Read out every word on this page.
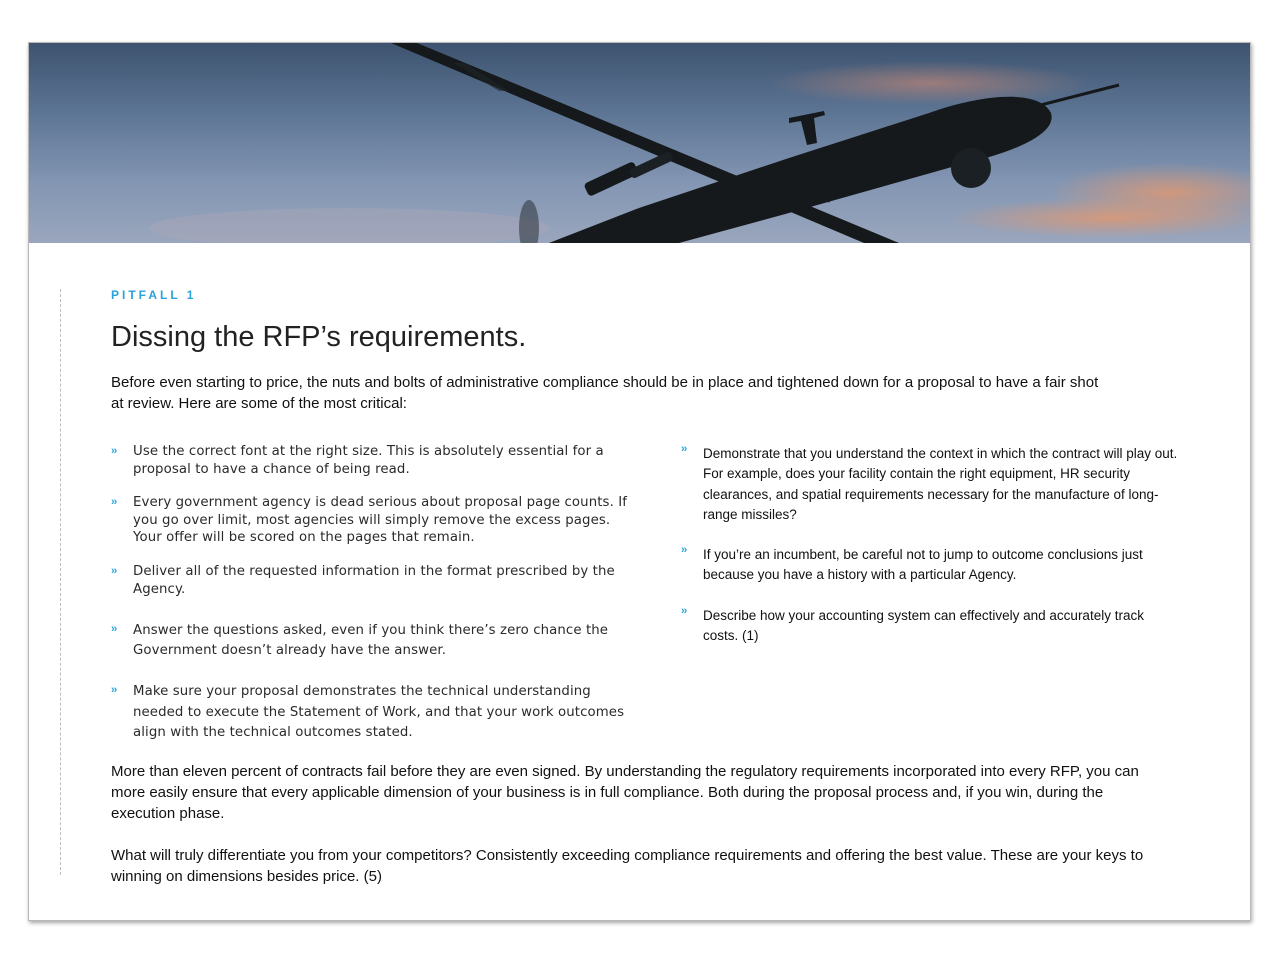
PITFALL 1
Dissing the RFP’s requirements.

Before even starting to price, the nuts and bolts of administrative compliance should be in place and tightened down for a proposal to have a fair shot at review. Here are some of the most critical:

›› Use the correct font at the right size. This is absolutely essential for a proposal to have a chance of being read.
›› Every government agency is dead serious about proposal page counts. If you go over limit, most agencies will simply remove the excess pages. Your offer will be scored on the pages that remain.
›› Deliver all of the requested information in the format prescribed by the Agency.
›› Answer the questions asked, even if you think there’s zero chance the Government doesn’t already have the answer.
›› Make sure your proposal demonstrates the technical understanding needed to execute the Statement of Work, and that your work outcomes align with the technical outcomes stated.
›› Demonstrate that you understand the context in which the contract will play out. For example, does your facility contain the right equipment, HR security clearances, and spatial requirements necessary for the manufacture of long-range missiles?
›› If you’re an incumbent, be careful not to jump to outcome conclusions just because you have a history with a particular Agency.
›› Describe how your accounting system can effectively and accurately track costs. (1)

More than eleven percent of contracts fail before they are even signed. By understanding the regulatory requirements incorporated into every RFP, you can more easily ensure that every applicable dimension of your business is in full compliance. Both during the proposal process and, if you win, during the execution phase.

What will truly differentiate you from your competitors? Consistently exceeding compliance requirements and offering the best value. These are your keys to winning on dimensions besides price. (5)
